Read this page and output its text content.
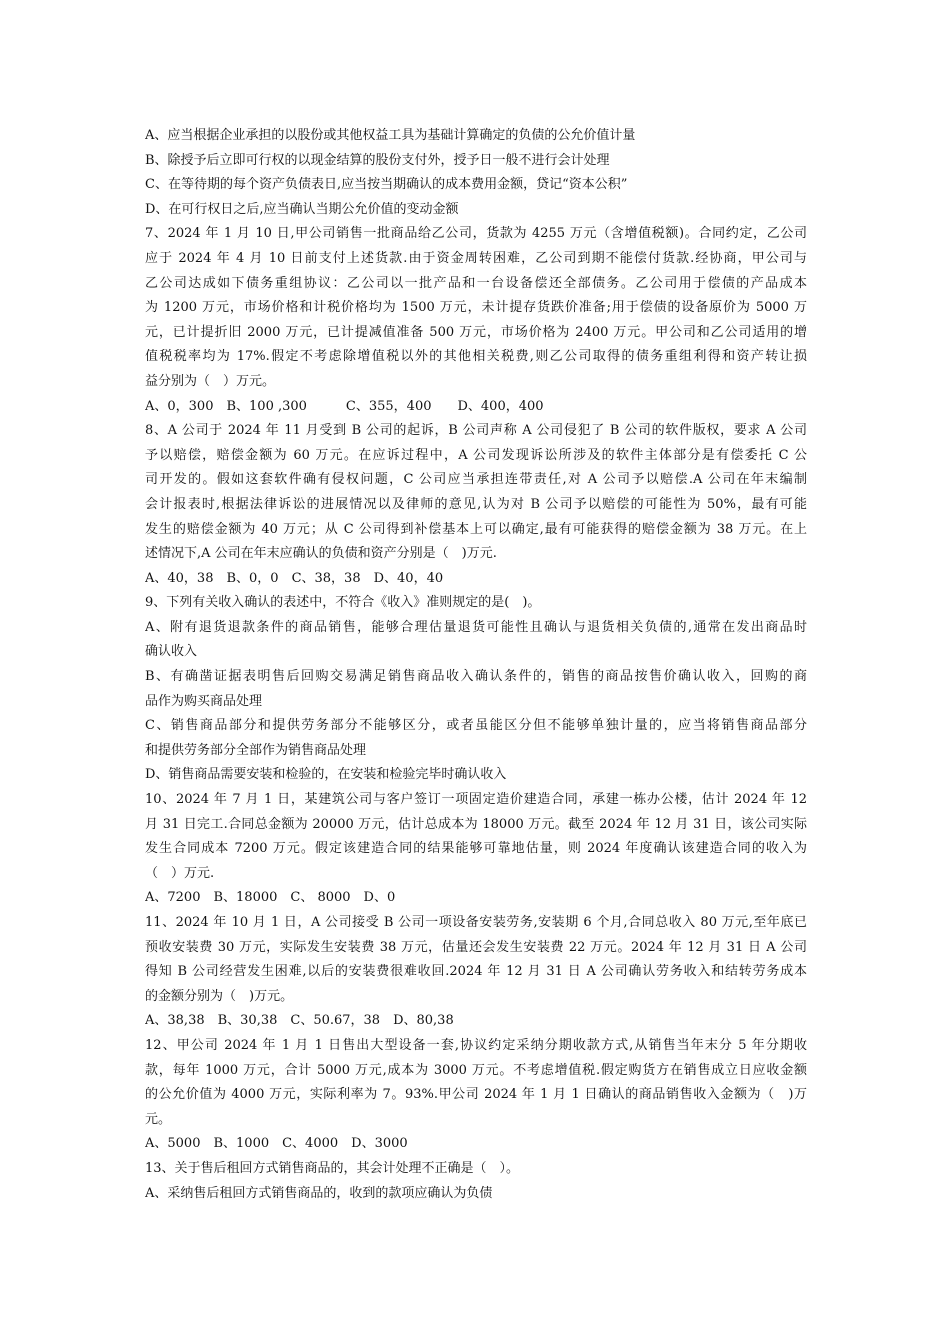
A、应当根据企业承担的以股份或其他权益工具为基础计算确定的负债的公允价值计量
B、除授予后立即可行权的以现金结算的股份支付外，授予日一般不进行会计处理
C、在等待期的每个资产负债表日,应当按当期确认的成本费用金额，贷记“资本公积”
D、在可行权日之后,应当确认当期公允价值的变动金额
7、2024 年 1 月 10 日,甲公司销售一批商品给乙公司，货款为 4255 万元（含增值税额)。合同约定，乙公司
应于 2024 年 4 月 10 日前支付上述货款.由于资金周转困难，乙公司到期不能偿付货款.经协商，甲公司与
乙公司达成如下债务重组协议：乙公司以一批产品和一台设备偿还全部债务。乙公司用于偿债的产品成本
为 1200 万元，市场价格和计税价格均为 1500 万元，未计提存货跌价准备;用于偿债的设备原价为 5000 万
元，已计提折旧 2000 万元，已计提减值准备 500 万元，市场价格为 2400 万元。甲公司和乙公司适用的增
值税税率均为 17%.假定不考虑除增值税以外的其他相关税费,则乙公司取得的债务重组利得和资产转让损
益分别为（　）万元。
A、0，300　B、100 ,300　　　C、355，400　　D、400，400
8、A 公司于 2024 年 11 月受到 B 公司的起诉，B 公司声称 A 公司侵犯了 B 公司的软件版权，要求 A 公司
予以赔偿，赔偿金额为 60 万元。在应诉过程中，A 公司发现诉讼所涉及的软件主体部分是有偿委托 C 公
司开发的。假如这套软件确有侵权问题，C 公司应当承担连带责任,对 A 公司予以赔偿.A 公司在年末编制
会计报表时,根据法律诉讼的进展情况以及律师的意见,认为对 B 公司予以赔偿的可能性为 50%，最有可能
发生的赔偿金额为 40 万元；从 C 公司得到补偿基本上可以确定,最有可能获得的赔偿金额为 38 万元。在上
述情况下,A 公司在年末应确认的负债和资产分别是（　)万元.
A、40，38　B、0，0　C、38，38　D、40，40
9、下列有关收入确认的表述中，不符合《收入》准则规定的是(　)。
A、附有退货退款条件的商品销售，能够合理估量退货可能性且确认与退货相关负债的,通常在发出商品时
确认收入
B、有确凿证据表明售后回购交易满足销售商品收入确认条件的，销售的商品按售价确认收入，回购的商
品作为购买商品处理
C、销售商品部分和提供劳务部分不能够区分，或者虽能区分但不能够单独计量的，应当将销售商品部分
和提供劳务部分全部作为销售商品处理
D、销售商品需要安装和检验的，在安装和检验完毕时确认收入
10、2024 年 7 月 1 日，某建筑公司与客户签订一项固定造价建造合同，承建一栋办公楼，估计 2024 年 12
月 31 日完工.合同总金额为 20000 万元，估计总成本为 18000 万元。截至 2024 年 12 月 31 日，该公司实际
发生合同成本 7200 万元。假定该建造合同的结果能够可靠地估量，则 2024 年度确认该建造合同的收入为
（　）万元.
A、7200　B、18000　C、 8000　D、0
11、2024 年 10 月 1 日，A 公司接受 B 公司一项设备安装劳务,安装期 6 个月,合同总收入 80 万元,至年底已
预收安装费 30 万元，实际发生安装费 38 万元，估量还会发生安装费 22 万元。2024 年 12 月 31 日 A 公司
得知 B 公司经营发生困难,以后的安装费很难收回.2024 年 12 月 31 日 A 公司确认劳务收入和结转劳务成本
的金额分别为（　)万元。
A、38,38　B、30,38　C、50.67，38　D、80,38
12、甲公司 2024 年 1 月 1 日售出大型设备一套,协议约定采纳分期收款方式,从销售当年末分 5 年分期收
款，每年 1000 万元，合计 5000 万元,成本为 3000 万元。不考虑增值税.假定购货方在销售成立日应收金额
的公允价值为 4000 万元，实际利率为 7。93%.甲公司 2024 年 1 月 1 日确认的商品销售收入金额为（　)万
元。
A、5000　B、1000　C、4000　D、3000
13、关于售后租回方式销售商品的，其会计处理不正确是（　）。
A、采纳售后租回方式销售商品的，收到的款项应确认为负债
